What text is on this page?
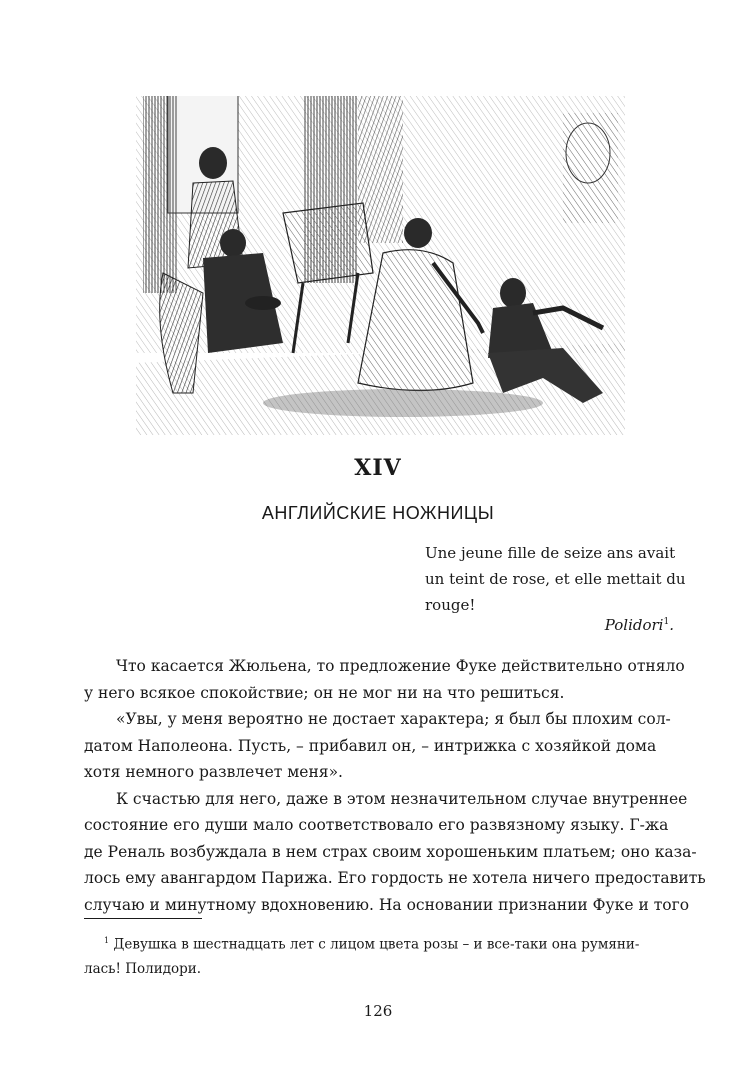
XIV
АНГЛИЙСКИЕ НОЖНИЦЫ
Une jeune fille de seize ans avait
un teint de rose, et elle mettait du
rouge!
Polidori$^1$.
Что касается Жюльена, то предложение Фуке действительно отняло
у него всякое спокойствие; он не мог ни на что решиться.
«Увы, у меня вероятно не достает характера; я был бы плохим сол-
датом Наполеона. Пусть, – прибавил он, – интрижка с хозяйкой дома
хотя немного развлечет меня».
К счастью для него, даже в этом незначительном случае внутреннее
состояние его души мало соответствовало его развязному языку. Г-жа
де Реналь возбуждала в нем страх своим хорошеньким платьем; оно каза-
лось ему авангардом Парижа. Его гордость не хотела ничего предоставить
случаю и минутному вдохновению. На основании признании Фуке и того
$^1$ Девушка в шестнадцать лет с лицом цвета розы – и все-таки она румяни-
лась! Полидори.
126
